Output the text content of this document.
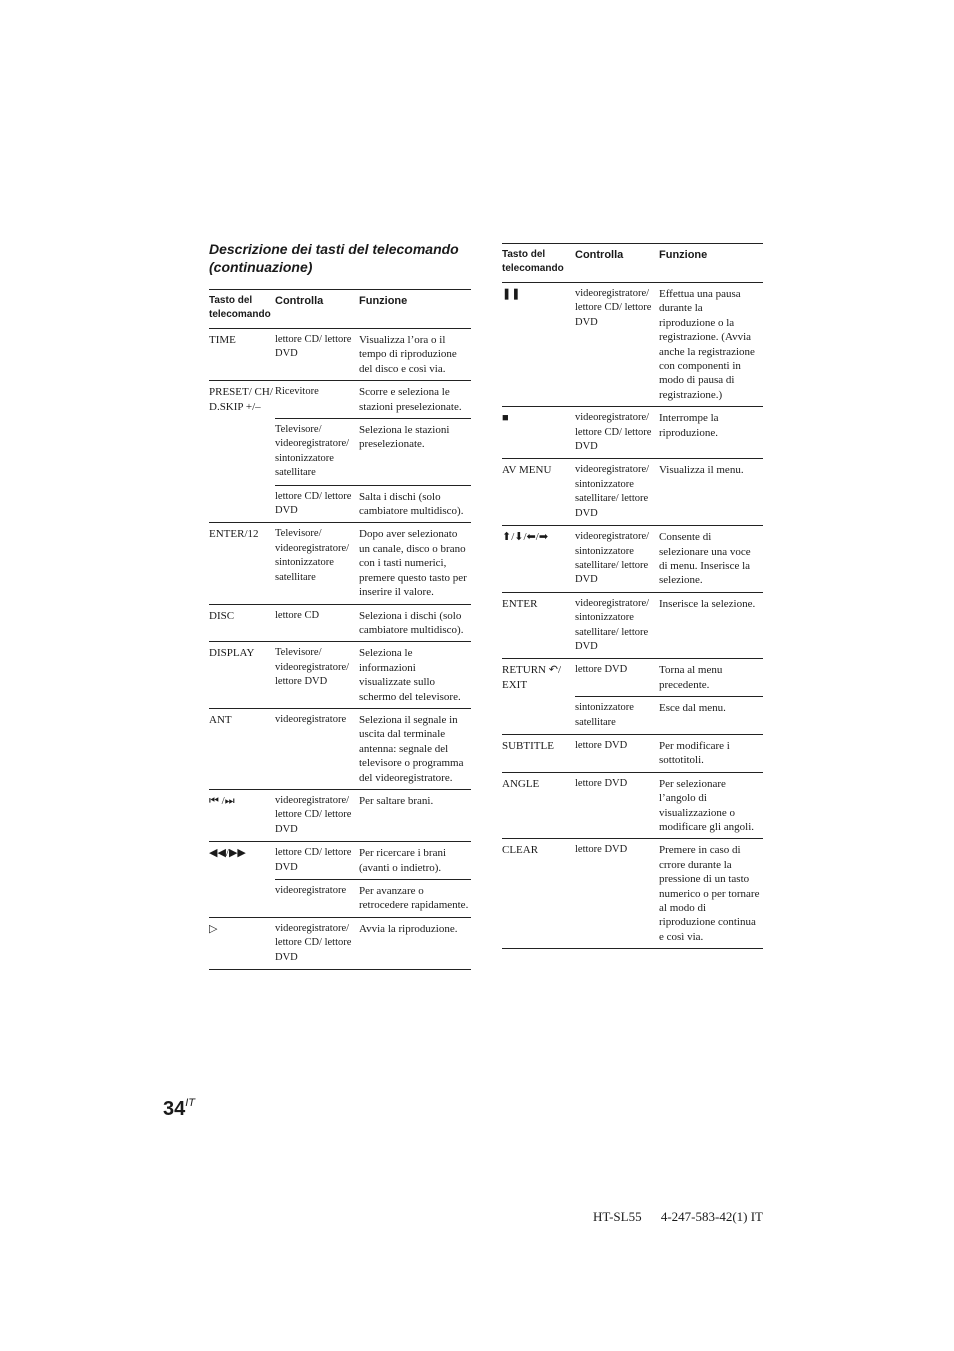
Descrizione dei tasti del telecomando (continuazione)
Tasto del telecomando	Controlla	Funzione
TIME	lettore CD/ lettore DVD	Visualizza l’ora o il tempo di riproduzione del disco e così via.
PRESET/ CH/ D.SKIP +/–	Ricevitore	Scorre e seleziona le stazioni preselezionate.
	Televisore/ videoregistratore/ sintonizzatore satellitare	Seleziona le stazioni preselezionate.
	lettore CD/ lettore DVD	Salta i dischi (solo cambiatore multidisco).
ENTER/12	Televisore/ videoregistratore/ sintonizzatore satellitare	Dopo aver selezionato un canale, disco o brano con i tasti numerici, premere questo tasto per inserire il valore.
DISC	lettore CD	Seleziona i dischi (solo cambiatore multidisco).
DISPLAY	Televisore/ videoregistratore/ lettore DVD	Seleziona le informazioni visualizzate sullo schermo del televisore.
ANT	videoregistratore	Seleziona il segnale in uscita dal terminale antenna: segnale del televisore o programma del videoregistratore.
⏮ /⏭	videoregistratore/ lettore CD/ lettore DVD	Per saltare brani.
◀◀/▶▶	lettore CD/ lettore DVD	Per ricercare i brani (avanti o indietro).
	videoregistratore	Per avanzare o retrocedere rapidamente.
▷	videoregistratore/ lettore CD/ lettore DVD	Avvia la riproduzione.
Tasto del telecomando	Controlla	Funzione
❚❚	videoregistratore/ lettore CD/ lettore DVD	Effettua una pausa durante la riproduzione o la registrazione. (Avvia anche la registrazione con componenti in modo di pausa di registrazione.)
■	videoregistratore/ lettore CD/ lettore DVD	Interrompe la riproduzione.
AV MENU	videoregistratore/ sintonizzatore satellitare/ lettore DVD	Visualizza il menu.
⬆/⬇/⬅/➡	videoregistratore/ sintonizzatore satellitare/ lettore DVD	Consente di selezionare una voce di menu. Inserisce la selezione.
ENTER	videoregistratore/ sintonizzatore satellitare/ lettore DVD	Inserisce la selezione.
RETURN ↶/ EXIT	lettore DVD	Torna al menu precedente.
	sintonizzatore satellitare	Esce dal menu.
SUBTITLE	lettore DVD	Per modificare i sottotitoli.
ANGLE	lettore DVD	Per selezionare l’angolo di visualizzazione o modificare gli angoli.
CLEAR	lettore DVD	Premere in caso di crrore durante la pressione di un tasto numerico o per tornare al modo di riproduzione continua e così via.
$34^{IT}$
HT-SL55 4-247-583-42(1) IT
